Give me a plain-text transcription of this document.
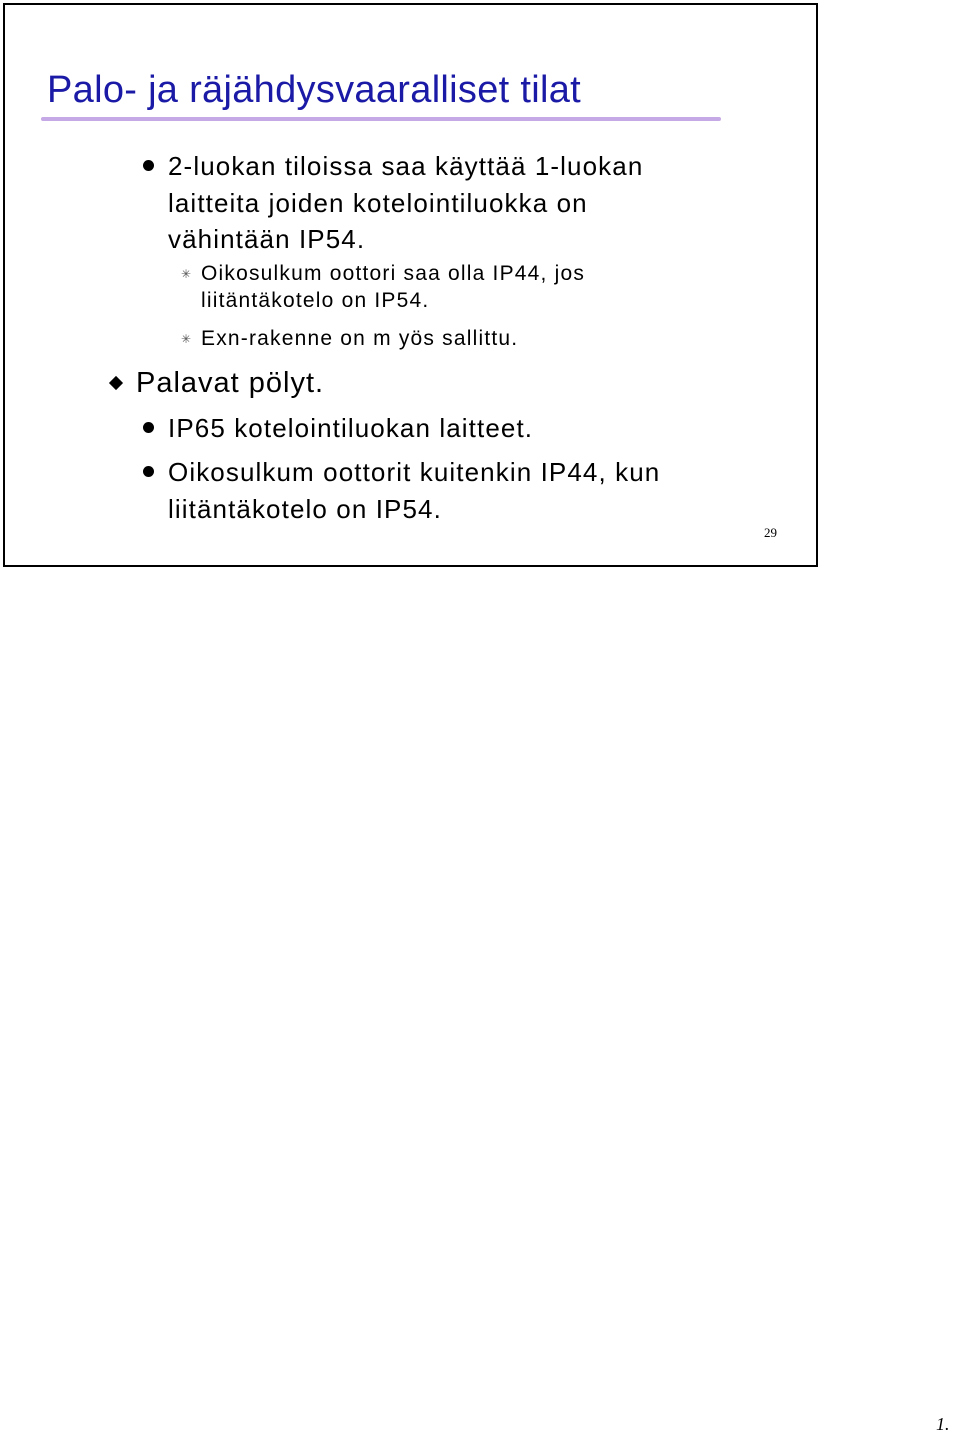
Palo- ja räjähdysvaaralliset tilat
2-luokan tiloissa saa käyttää 1-luokan
laitteita joiden kotelointiluokka on
vähintään IP54.
✳ Oikosulkum oottori saa olla IP44, jos
liitäntäkotelo on IP54.
✳ Exn-rakenne on m yös sallittu.
Palavat pölyt.
IP65 kotelointiluokan laitteet.
Oikosulkum oottorit kuitenkin IP44, kun
liitäntäkotelo on IP54.
29
1.
